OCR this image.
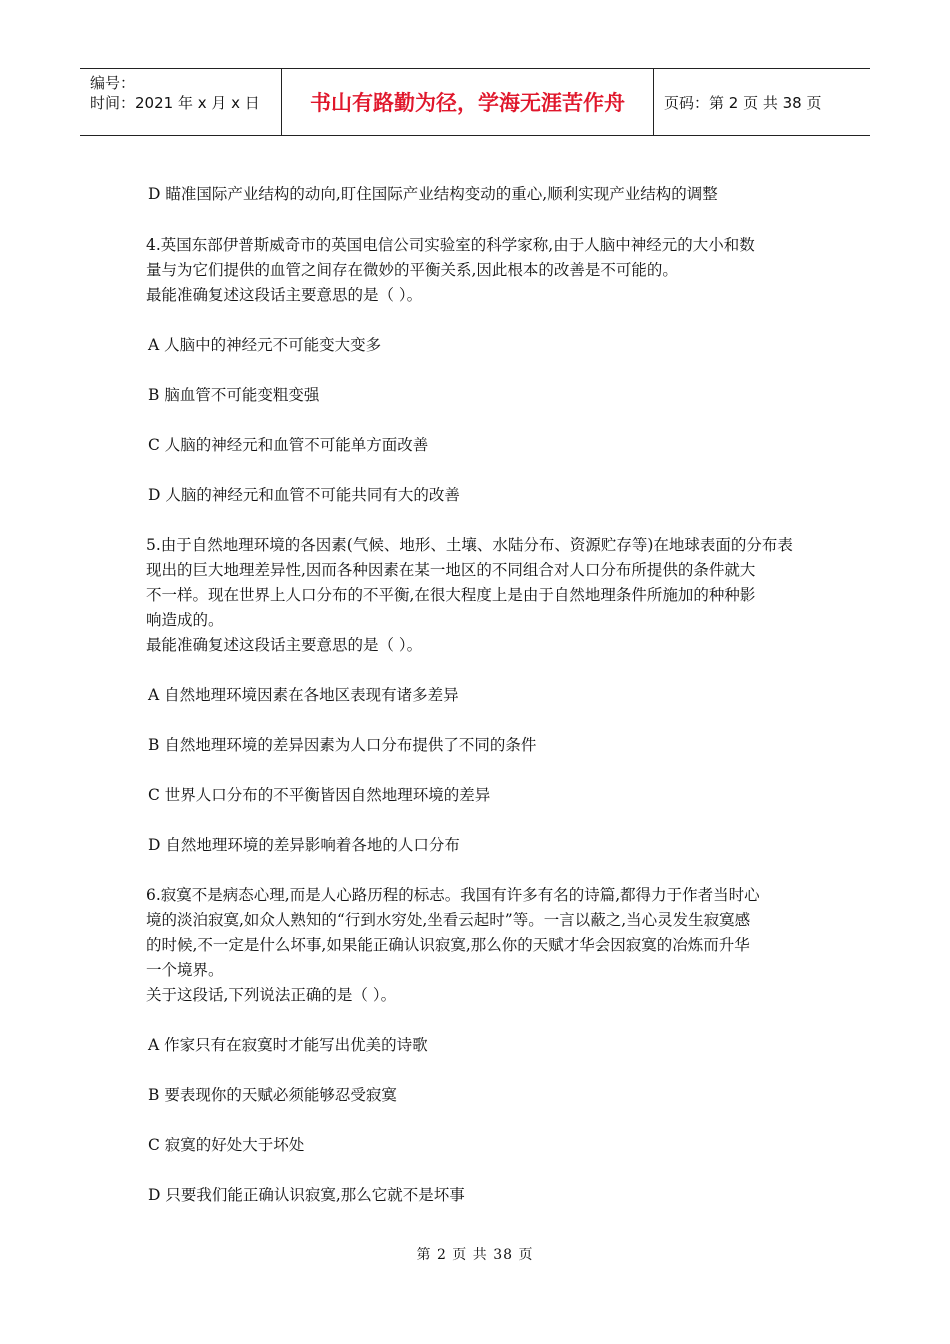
编号：
时间：2021 年 x 月 x 日	书山有路勤为径，学海无涯苦作舟	页码：第 2 页 共 38 页
D 瞄准国际产业结构的动向,盯住国际产业结构变动的重心,顺利实现产业结构的调整
4.英国东部伊普斯威奇市的英国电信公司实验室的科学家称,由于人脑中神经元的大小和数
量与为它们提供的血管之间存在微妙的平衡关系,因此根本的改善是不可能的。
最能准确复述这段话主要意思的是（ ）。
A 人脑中的神经元不可能变大变多
B 脑血管不可能变粗变强
C 人脑的神经元和血管不可能单方面改善
D 人脑的神经元和血管不可能共同有大的改善
5.由于自然地理环境的各因素(气候、地形、土壤、水陆分布、资源贮存等)在地球表面的分布表
现出的巨大地理差异性,因而各种因素在某一地区的不同组合对人口分布所提供的条件就大
不一样。现在世界上人口分布的不平衡,在很大程度上是由于自然地理条件所施加的种种影
响造成的。
最能准确复述这段话主要意思的是（ ）。
A 自然地理环境因素在各地区表现有诸多差异
B 自然地理环境的差异因素为人口分布提供了不同的条件
C 世界人口分布的不平衡皆因自然地理环境的差异
D 自然地理环境的差异影响着各地的人口分布
6.寂寞不是病态心理,而是人心路历程的标志。我国有许多有名的诗篇,都得力于作者当时心
境的淡泊寂寞,如众人熟知的“行到水穷处,坐看云起时”等。一言以蔽之,当心灵发生寂寞感
的时候,不一定是什么坏事,如果能正确认识寂寞,那么你的天赋才华会因寂寞的冶炼而升华
一个境界。
关于这段话,下列说法正确的是（ ）。
A 作家只有在寂寞时才能写出优美的诗歌
B 要表现你的天赋必须能够忍受寂寞
C 寂寞的好处大于坏处
D 只要我们能正确认识寂寞,那么它就不是坏事
第 2 页 共 38 页
